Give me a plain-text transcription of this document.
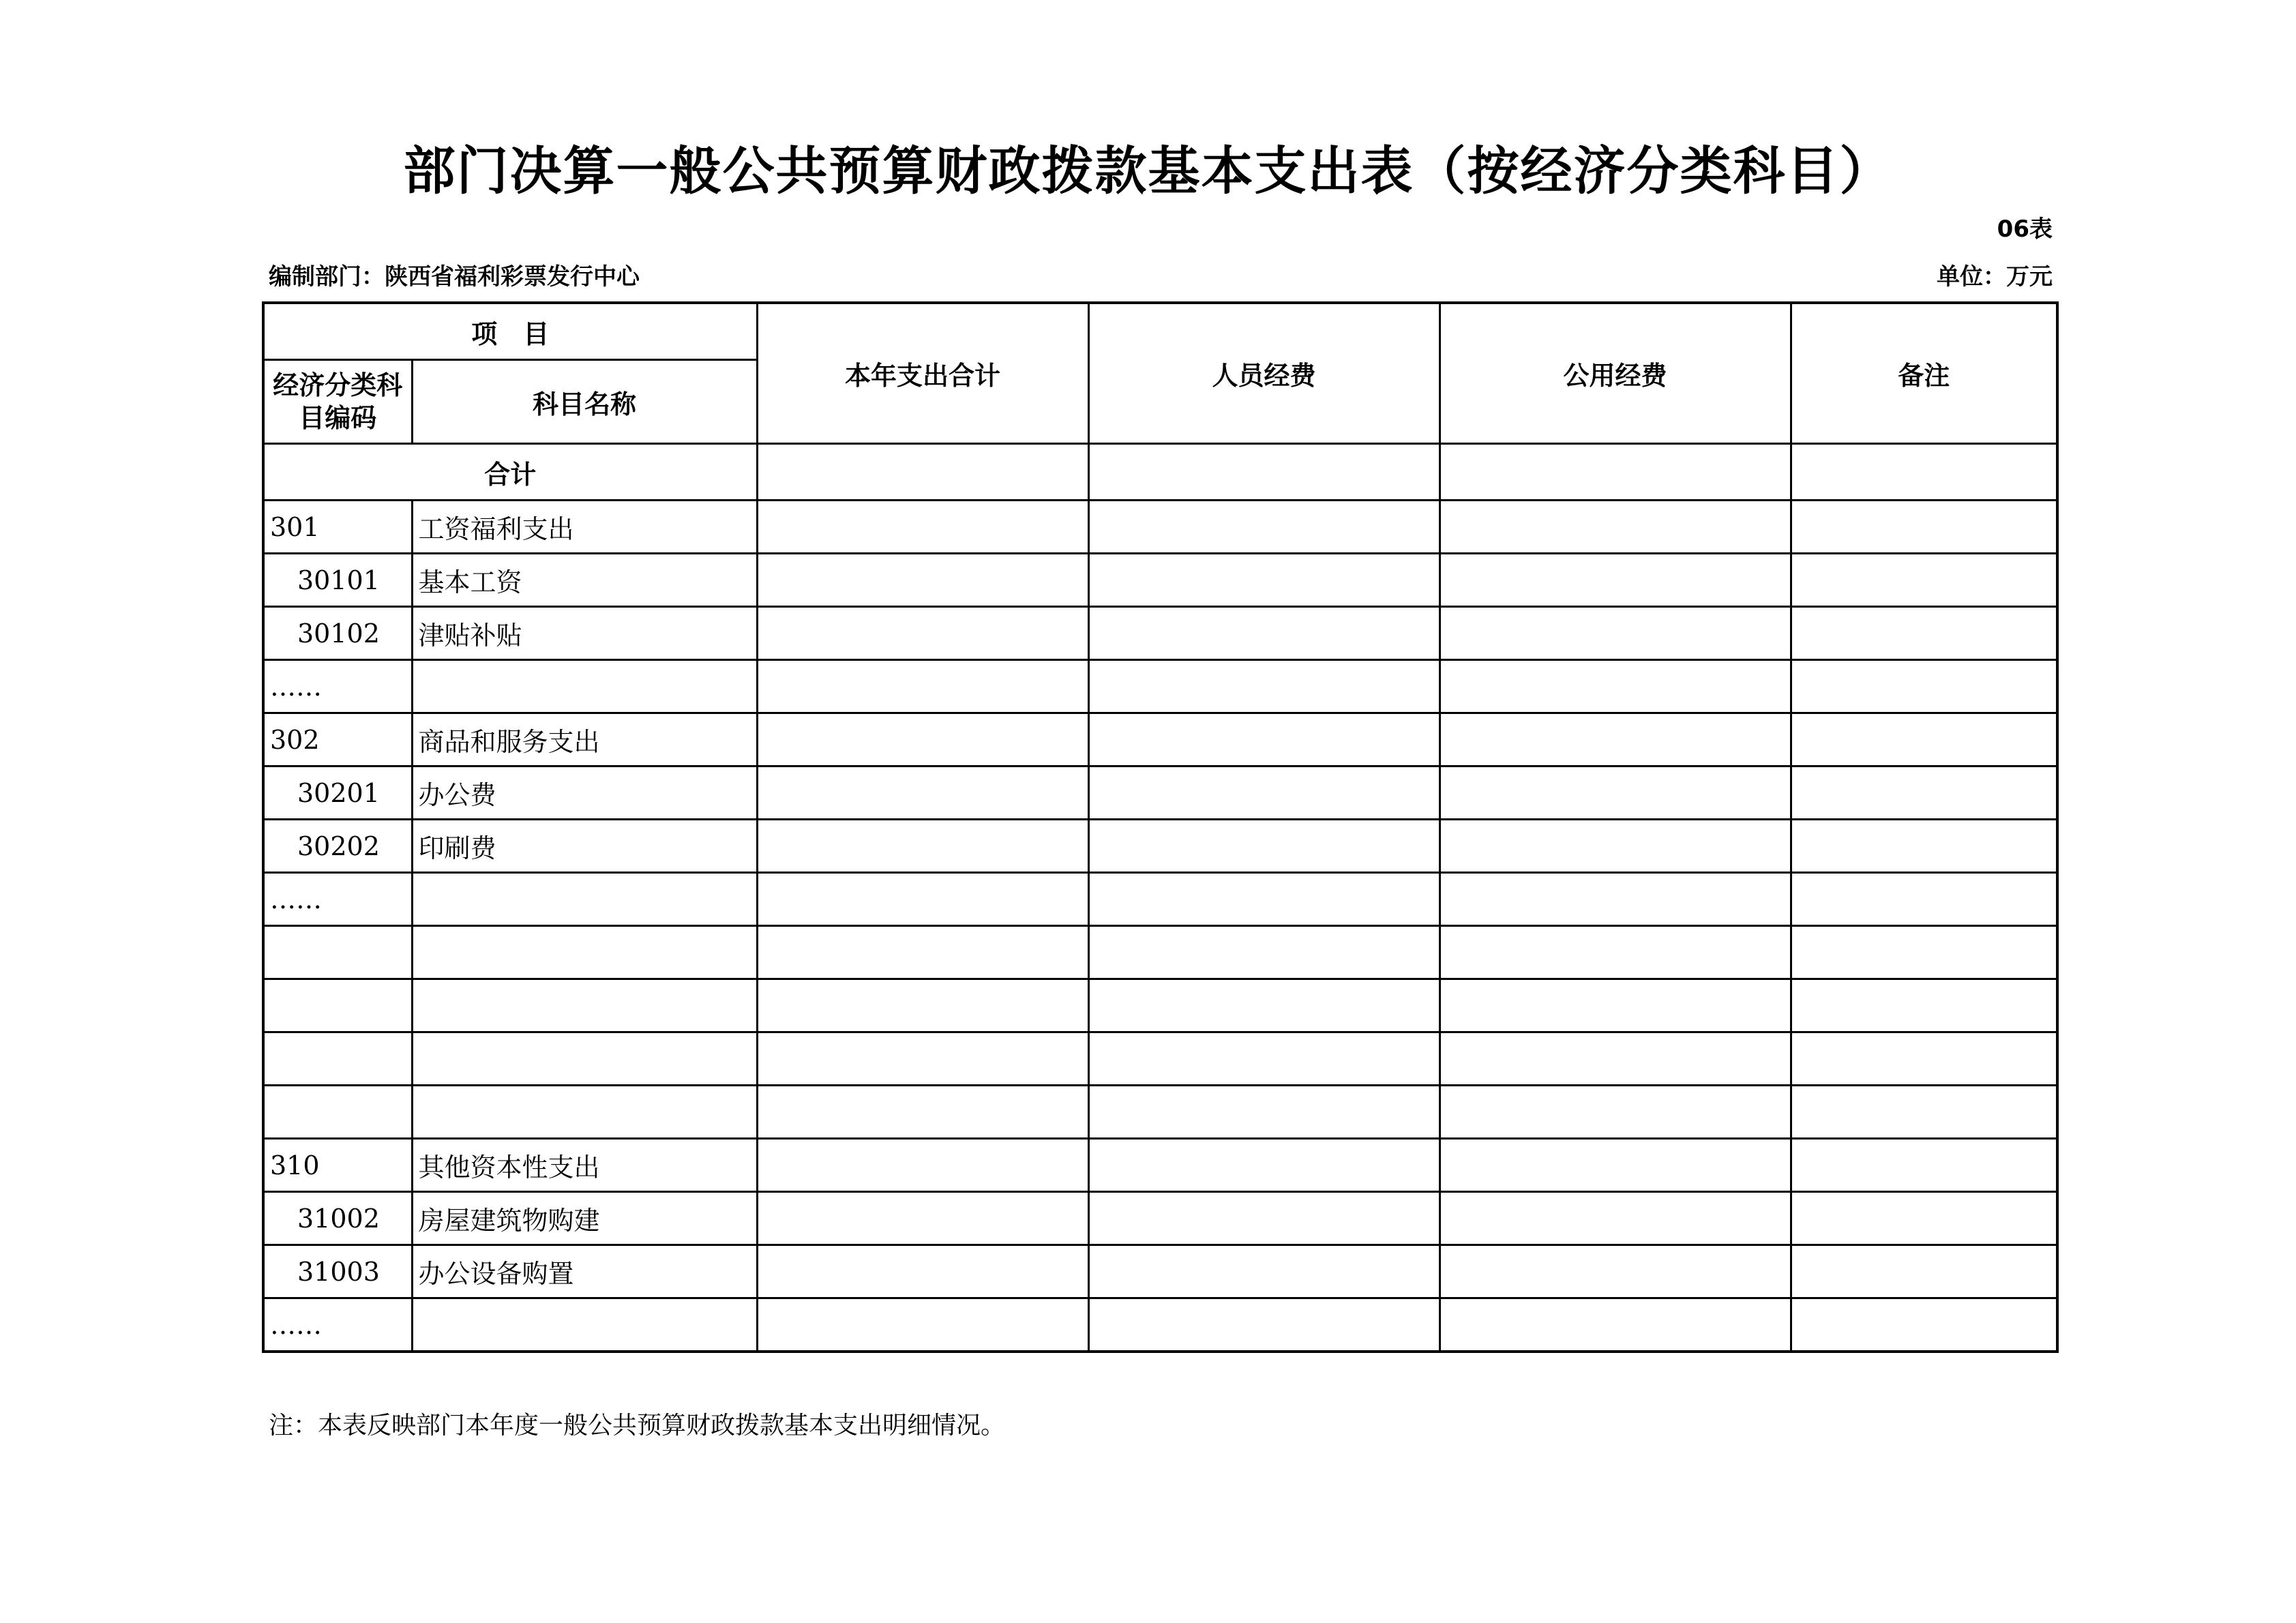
部门决算一般公共预算财政拨款基本支出表（按经济分类科目）
06表
编制部门：陕西省福利彩票发行中心	单位：万元
项　目		本年支出合计	人员经费	公用经费	备注
经济分类科目编码	科目名称				
合计					
301	工资福利支出				
30101	基本工资				
30102	津贴补贴				
……					
302	商品和服务支出				
30201	办公费				
30202	印刷费				
……					

310	其他资本性支出				
31002	房屋建筑物购建				
31003	办公设备购置				
……					
注：本表反映部门本年度一般公共预算财政拨款基本支出明细情况。
